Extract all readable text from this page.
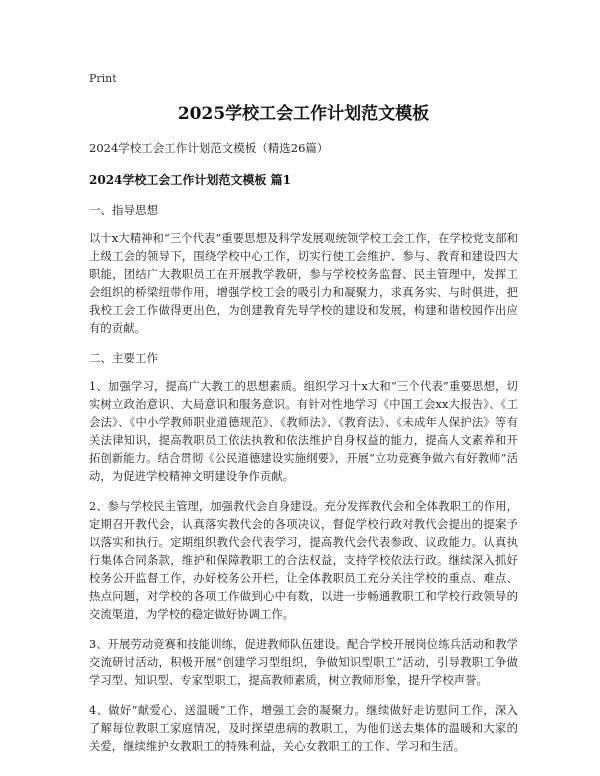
Print
2025学校工会工作计划范文模板
2024学校工会工作计划范文模板（精选26篇）
2024学校工会工作计划范文模板 篇1
一、指导思想

以十x大精神和“三个代表”重要思想及科学发展观统领学校工会工作，在学校党支部和上级工会的领导下，围绕学校中心工作，切实行使工会维护、参与、教育和建设四大职能，团结广大教职员工在开展教学教研，参与学校校务监督、民主管理中，发挥工会组织的桥梁纽带作用，增强学校工会的吸引力和凝聚力，求真务实、与时俱进，把我校工会工作做得更出色，为创建教育先导学校的建设和发展，构建和谐校园作出应有的贡献。

二、主要工作

1、加强学习，提高广大教工的思想素质。组织学习十x大和“三个代表”重要思想，切实树立政治意识、大局意识和服务意识。有针对性地学习《中国工会xx大报告》、《工会法》、《中小学教师职业道德规范》、《教师法》、《教育法》、《未成年人保护法》等有关法律知识，提高教职员工依法执教和依法维护自身权益的能力，提高人文素养和开拓创新能力。结合贯彻《公民道德建设实施纲要》，开展“立功竞赛争做六有好教师”活动，为促进学校精神文明建设争作贡献。

2、参与学校民主管理，加强教代会自身建设。充分发挥教代会和全体教职工的作用，定期召开教代会，认真落实教代会的各项决议，督促学校行政对教代会提出的提案予以落实和执行。定期组织教代会代表学习，提高教代会代表参政、议政能力。认真执行集体合同条款，维护和保障教职工的合法权益，支持学校依法行政。继续深入抓好校务公开监督工作，办好校务公开栏，让全体教职员工充分关注学校的重点、难点、热点问题，对学校的各项工作做到心中有数，以进一步畅通教职工和学校行政领导的交流渠道，为学校的稳定做好协调工作。

3、开展劳动竞赛和技能训练，促进教师队伍建设。配合学校开展岗位练兵活动和教学交流研讨活动，积极开展“创建学习型组织，争做知识型职工”活动，引导教职工争做学习型、知识型、专家型职工，提高教师素质，树立教师形象，提升学校声誉。

4、做好“献爱心、送温暖”工作，增强工会的凝聚力。继续做好走访慰问工作，深入了解每位教职工家庭情况，及时探望患病的教职工，为他们送去集体的温暖和大家的关爱，继续维护女教职工的特殊利益，关心女教职工的工作、学习和生活。
